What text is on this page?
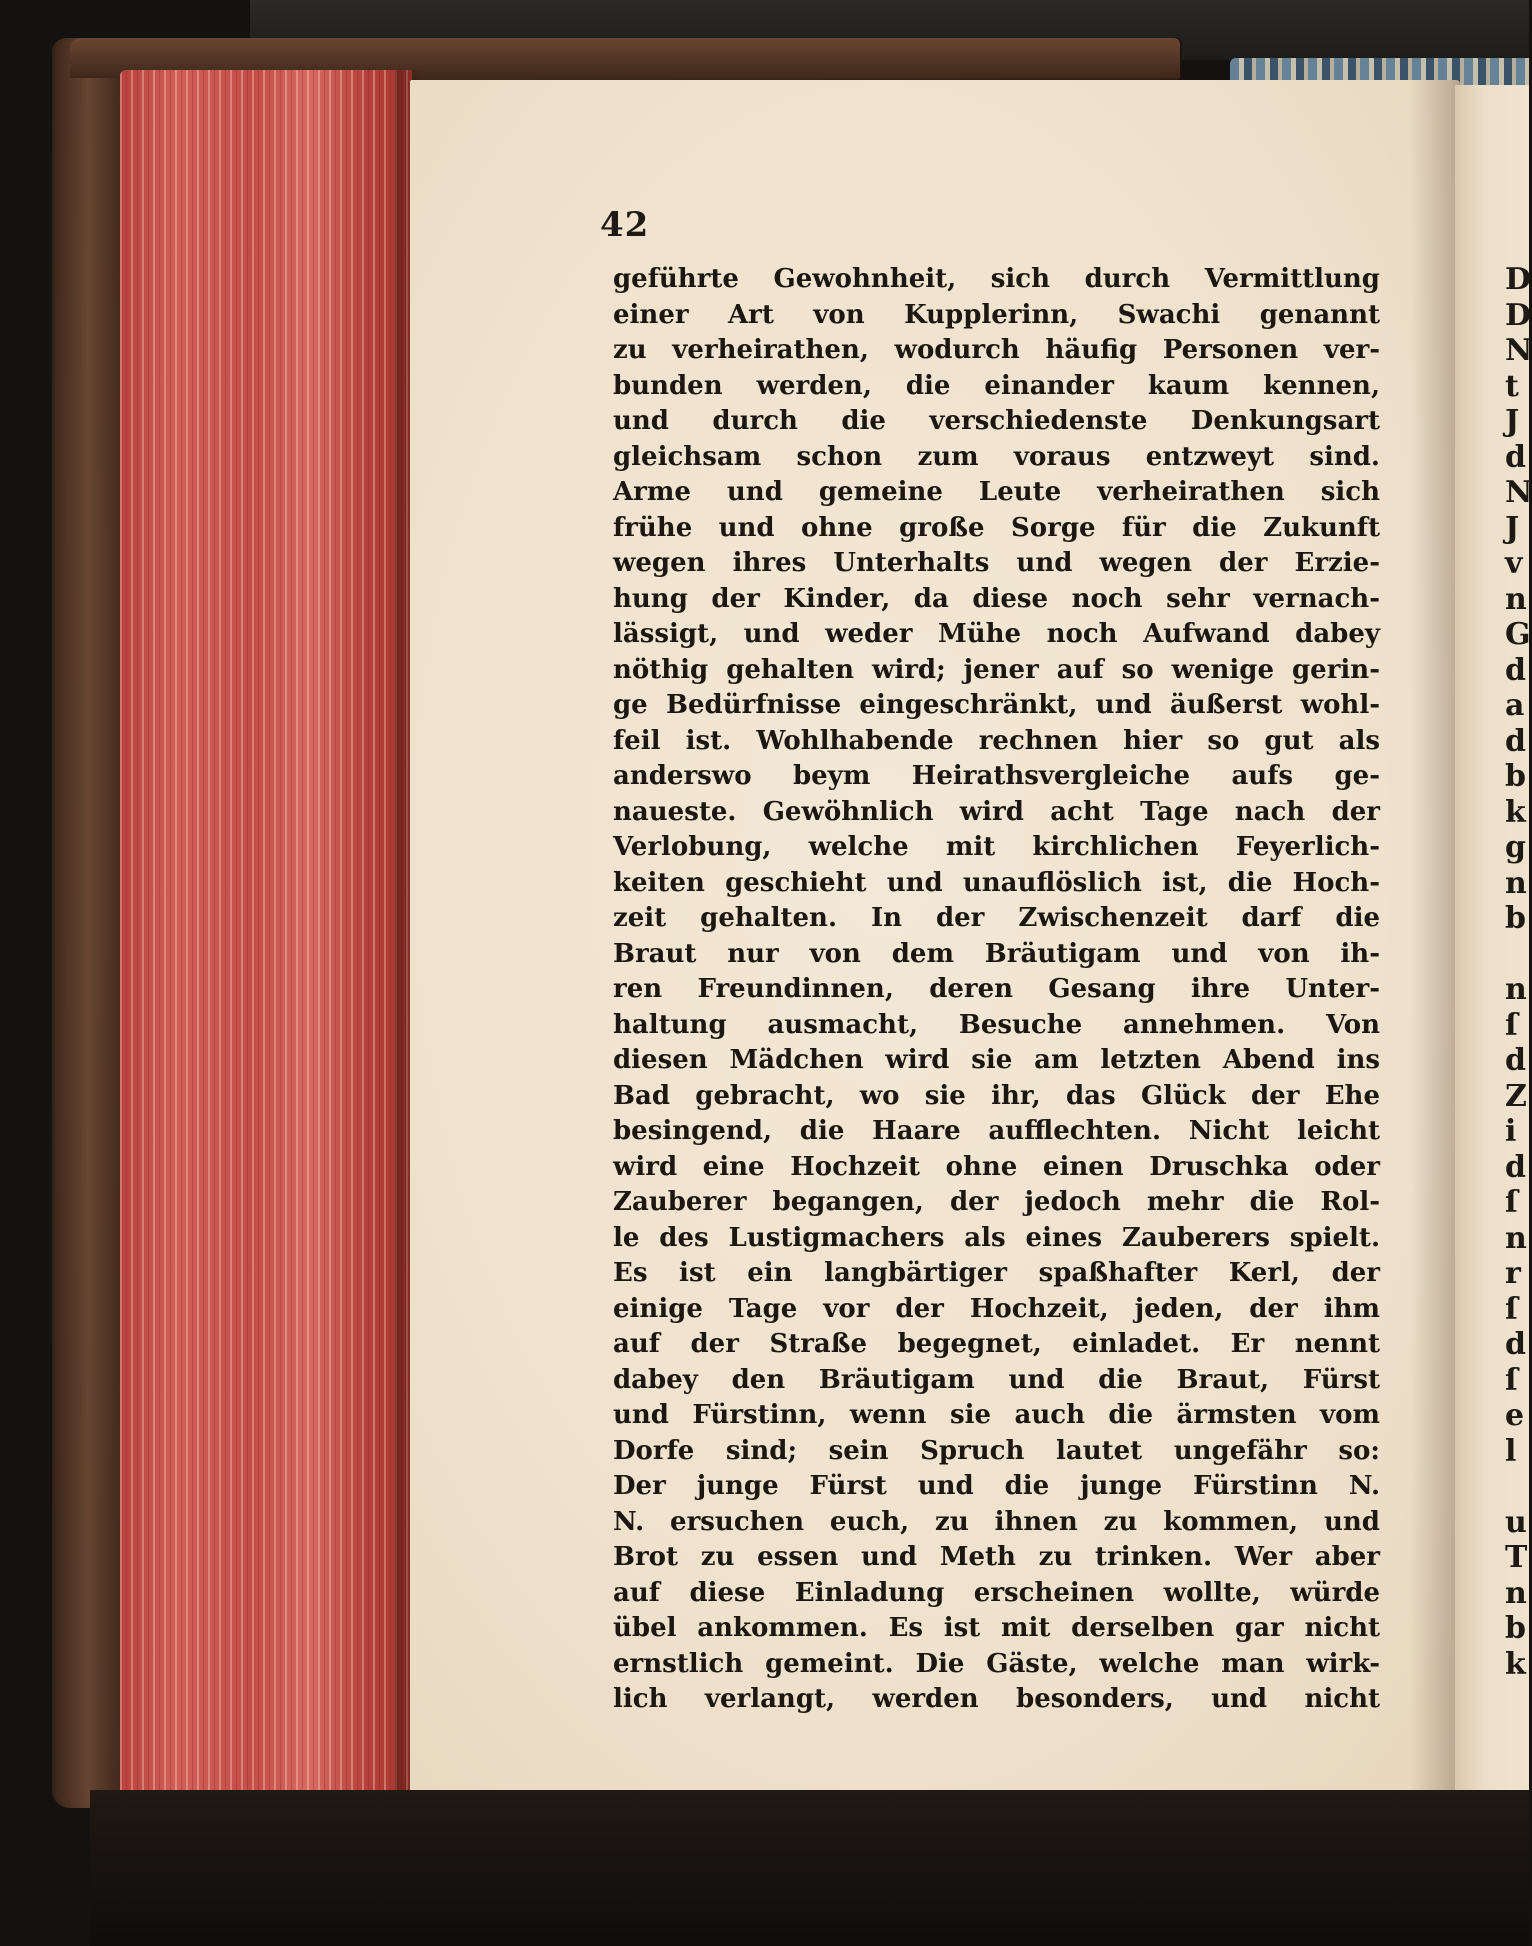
D
D
N
t
J
d
N
J
v
n
G
d
a
d
b
k
g
n
b

n
ſ
d
Z
i
d
ſ
n
r
ſ
d
ſ
e
l

u
T
n
b
k
42
geführte Gewohnheit, sich durch Vermittlung
einer Art von Kupplerinn, Swachi genannt
zu verheirathen, wodurch häufig Personen ver-
bunden werden, die einander kaum kennen,
und durch die verschiedenste Denkungsart
gleichsam schon zum voraus entzweyt sind.
Arme und gemeine Leute verheirathen sich
frühe und ohne große Sorge für die Zukunft
wegen ihres Unterhalts und wegen der Erzie-
hung der Kinder, da diese noch sehr vernach-
lässigt, und weder Mühe noch Aufwand dabey
nöthig gehalten wird; jener auf so wenige gerin-
ge Bedürfnisse eingeschränkt, und äußerst wohl-
feil ist. Wohlhabende rechnen hier so gut als
anderswo beym Heirathsvergleiche aufs ge-
naueste. Gewöhnlich wird acht Tage nach der
Verlobung, welche mit kirchlichen Feyerlich-
keiten geschieht und unauflöslich ist, die Hoch-
zeit gehalten. In der Zwischenzeit darf die
Braut nur von dem Bräutigam und von ih-
ren Freundinnen, deren Gesang ihre Unter-
haltung ausmacht, Besuche annehmen. Von
diesen Mädchen wird sie am letzten Abend ins
Bad gebracht, wo sie ihr, das Glück der Ehe
besingend, die Haare aufflechten. Nicht leicht
wird eine Hochzeit ohne einen Druschka oder
Zauberer begangen, der jedoch mehr die Rol-
le des Lustigmachers als eines Zauberers spielt.
Es ist ein langbärtiger spaßhafter Kerl, der
einige Tage vor der Hochzeit, jeden, der ihm
auf der Straße begegnet, einladet. Er nennt
dabey den Bräutigam und die Braut, Fürst
und Fürstinn, wenn sie auch die ärmsten vom
Dorfe sind; sein Spruch lautet ungefähr so:
Der junge Fürst und die junge Fürstinn N.
N. ersuchen euch, zu ihnen zu kommen, und
Brot zu essen und Meth zu trinken. Wer aber
auf diese Einladung erscheinen wollte, würde
übel ankommen. Es ist mit derselben gar nicht
ernstlich gemeint. Die Gäste, welche man wirk-
lich verlangt, werden besonders, und nicht
